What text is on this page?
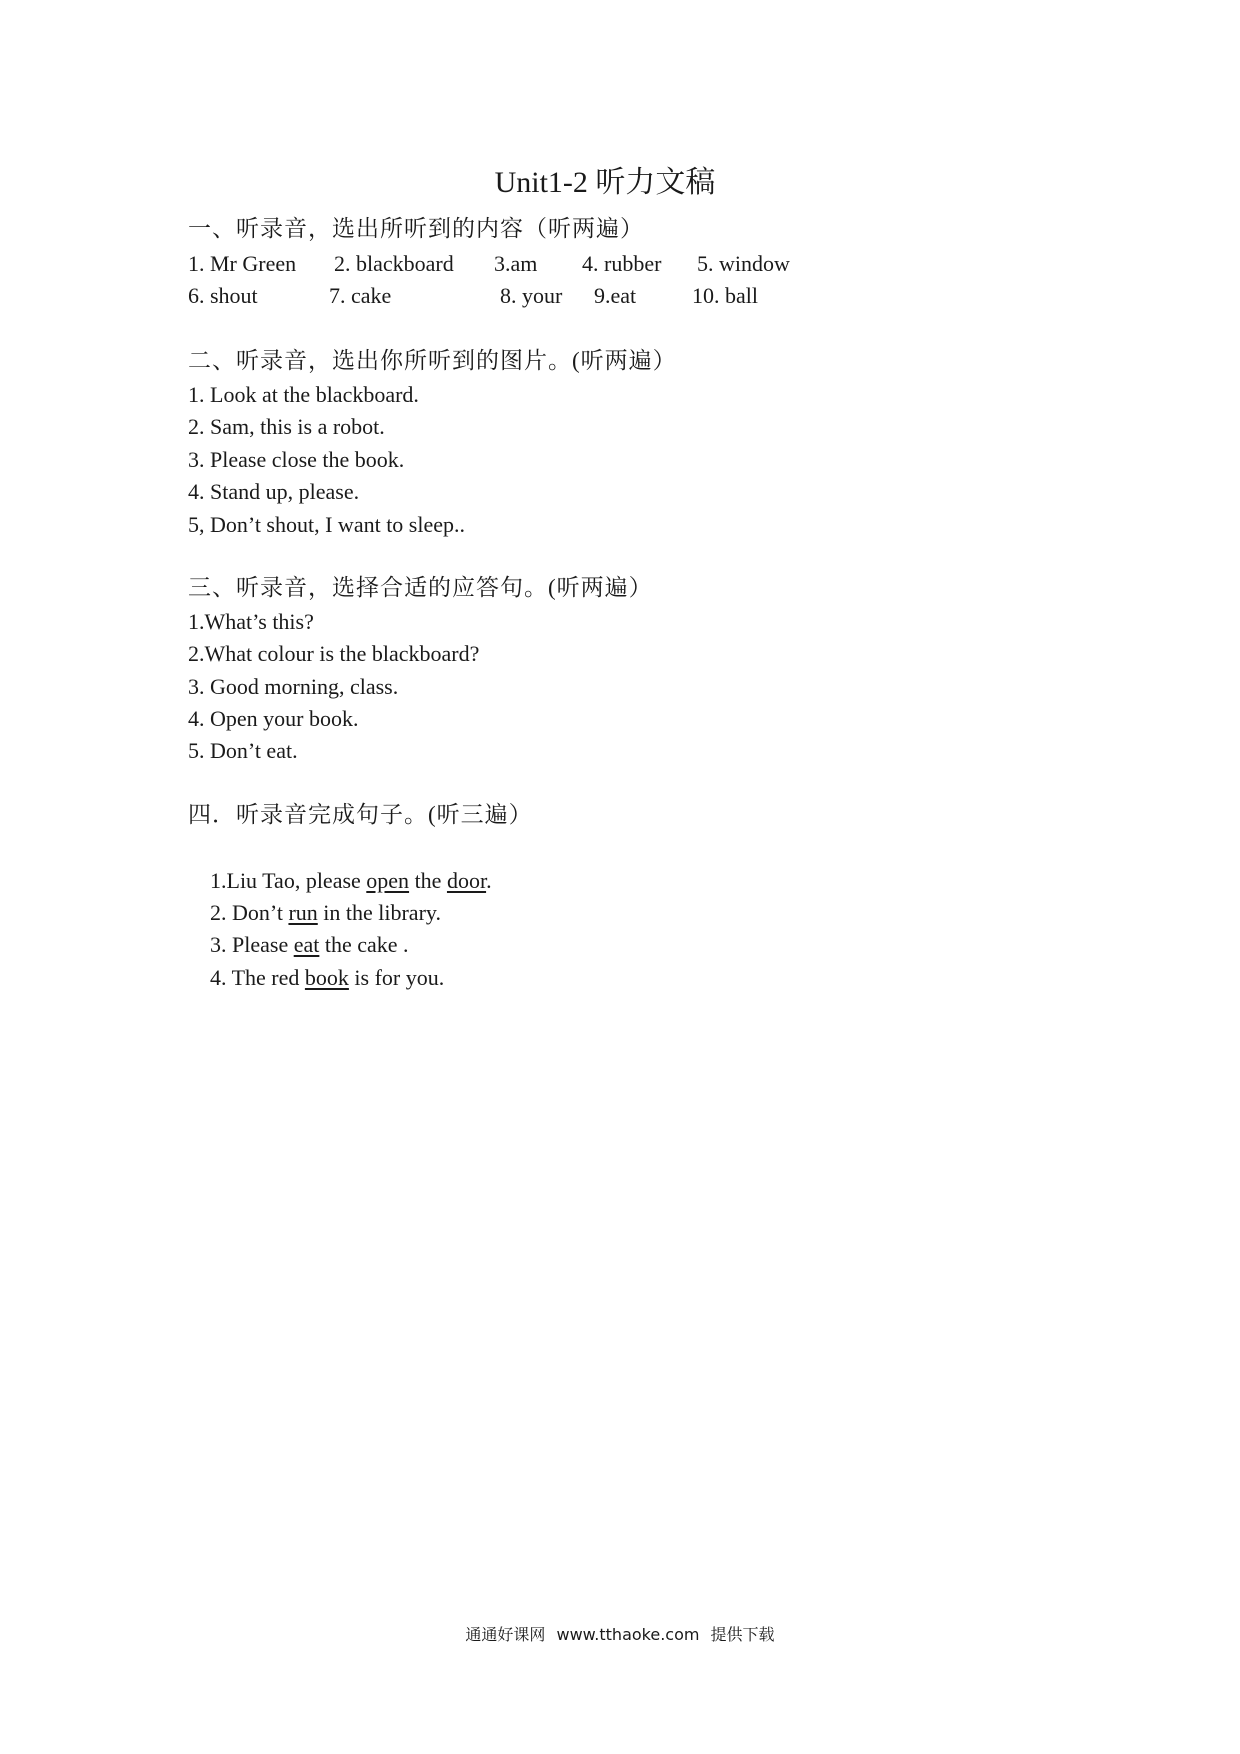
Unit1-2 听力文稿
一、听录音，选出所听到的内容（听两遍）
1. Mr Green 2. blackboard 3.am 4. rubber 5. window
6. shout	7. cake	8. your 9.eat	10. ball
二、听录音，选出你所听到的图片。(听两遍）
1. Look at the blackboard.
2. Sam, this is a robot.
3. Please close the book.
4. Stand up, please.
5, Don’t shout, I want to sleep..
三、听录音，选择合适的应答句。(听两遍）
1.What’s this?
2.What colour is the blackboard?
3. Good morning, class.
4. Open your book.
5. Don’t eat.
四．听录音完成句子。(听三遍）

1.Liu Tao, please open the door.

2. Don’t run in the library.

3. Please eat the cake .

4. The red book is for you.

通通好课网 www.tthaoke.com 提供下载
